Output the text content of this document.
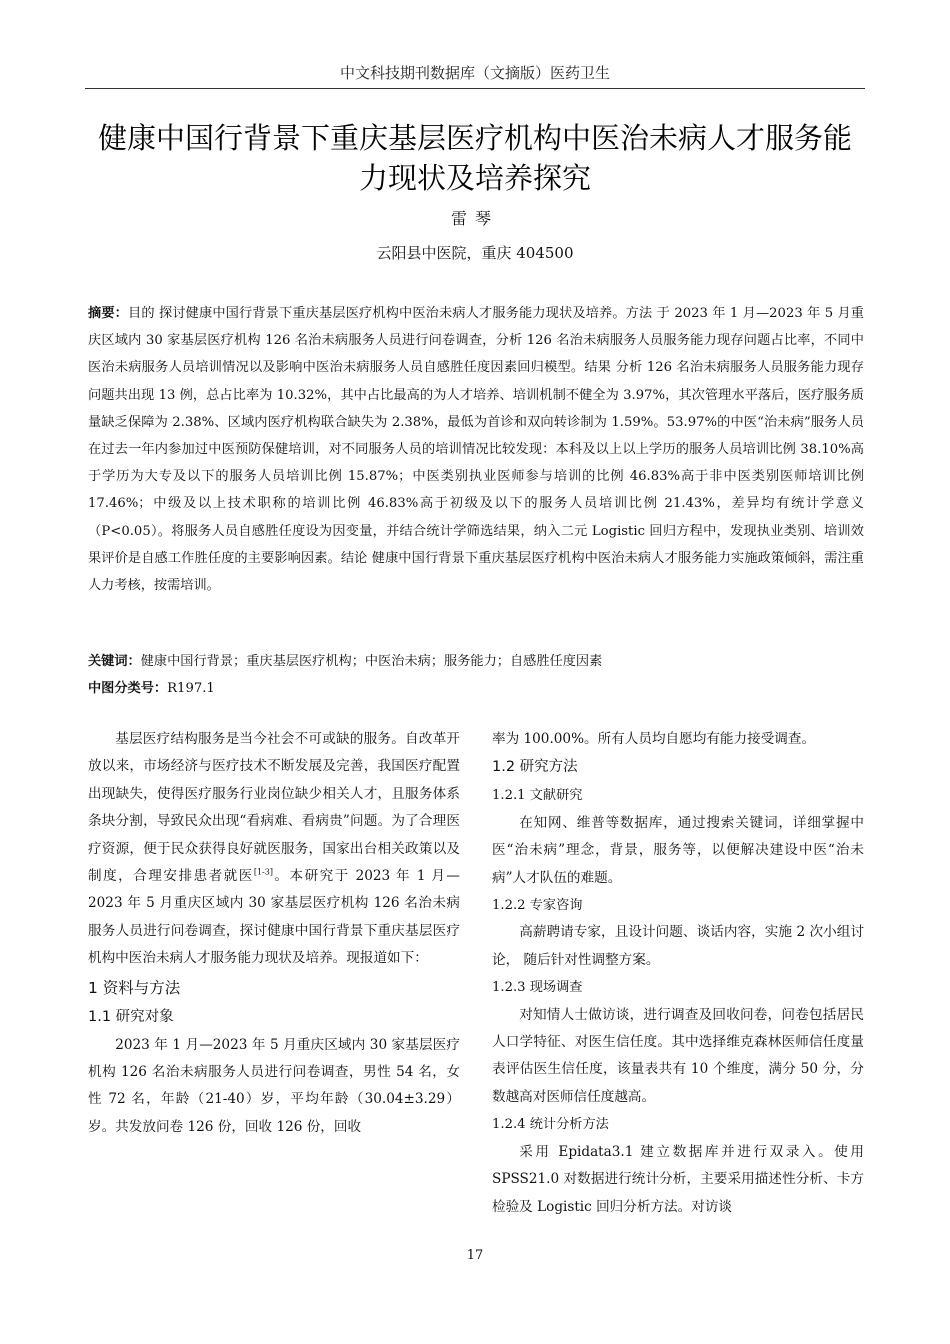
中文科技期刊数据库（文摘版）医药卫生
健康中国行背景下重庆基层医疗机构中医治未病人才服务能力现状及培养探究
雷琴
云阳县中医院，重庆 404500
摘要：目的 探讨健康中国行背景下重庆基层医疗机构中医治未病人才服务能力现状及培养。方法 于 2023 年 1 月—2023 年 5 月重庆区域内 30 家基层医疗机构 126 名治未病服务人员进行问卷调查，分析 126 名治未病服务人员服务能力现存问题占比率，不同中医治未病服务人员培训情况以及影响中医治未病服务人员自感胜任度因素回归模型。结果 分析 126 名治未病服务人员服务能力现存问题共出现 13 例，总占比率为 10.32%，其中占比最高的为人才培养、培训机制不健全为 3.97%，其次管理水平落后，医疗服务质量缺乏保障为 2.38%、区域内医疗机构联合缺失为 2.38%，最低为首诊和双向转诊制为 1.59%。53.97%的中医“治未病”服务人员在过去一年内参加过中医预防保健培训，对不同服务人员的培训情况比较发现：本科及以上以上学历的服务人员培训比例 38.10%高于学历为大专及以下的服务人员培训比例 15.87%；中医类别执业医师参与培训的比例 46.83%高于非中医类别医师培训比例 17.46%；中级及以上技术职称的培训比例 46.83%高于初级及以下的服务人员培训比例 21.43%，差异均有统计学意义（P<0.05）。将服务人员自感胜任度设为因变量，并结合统计学筛选结果，纳入二元 Logistic 回归方程中，发现执业类别、培训效果评价是自感工作胜任度的主要影响因素。结论 健康中国行背景下重庆基层医疗机构中医治未病人才服务能力实施政策倾斜，需注重人力考核，按需培训。
关键词：健康中国行背景；重庆基层医疗机构；中医治未病；服务能力；自感胜任度因素
中图分类号：R197.1

基层医疗结构服务是当今社会不可或缺的服务。自改革开放以来，市场经济与医疗技术不断发展及完善，我国医疗配置出现缺失，使得医疗服务行业岗位缺少相关人才，且服务体系条块分割，导致民众出现“看病难、看病贵”问题。为了合理医疗资源，便于民众获得良好就医服务，国家出台相关政策以及制度，合理安排患者就医[1-3]。本研究于 2023 年 1 月—2023 年 5 月重庆区域内 30 家基层医疗机构 126 名治未病服务人员进行问卷调查，探讨健康中国行背景下重庆基层医疗机构中医治未病人才服务能力现状及培养。现报道如下：

1 资料与方法

1.1 研究对象

2023 年 1 月—2023 年 5 月重庆区域内 30 家基层医疗机构 126 名治未病服务人员进行问卷调查，男性 54 名，女性 72 名，年龄（21-40）岁，平均年龄（30.04±3.29）岁。共发放问卷 126 份，回收 126 份，回收

率为 100.00%。所有人员均自愿均有能力接受调查。

1.2 研究方法

1.2.1 文献研究

在知网、维普等数据库，通过搜索关键词，详细掌握中医“治未病”理念，背景，服务等，以便解决建设中医“治未病”人才队伍的难题。

1.2.2 专家咨询

高薪聘请专家，且设计问题、谈话内容，实施 2 次小组讨论， 随后针对性调整方案。

1.2.3 现场调查

对知情人士做访谈，进行调查及回收问卷，问卷包括居民人口学特征、对医生信任度。其中选择维克森林医师信任度量表评估医生信任度，该量表共有 10 个维度，满分 50 分，分数越高对医师信任度越高。

1.2.4 统计分析方法

采用 Epidata3.1 建立数据库并进行双录入。使用 SPSS21.0 对数据进行统计分析，主要采用描述性分析、卡方检验及 Logistic 回归分析方法。对访谈

17
